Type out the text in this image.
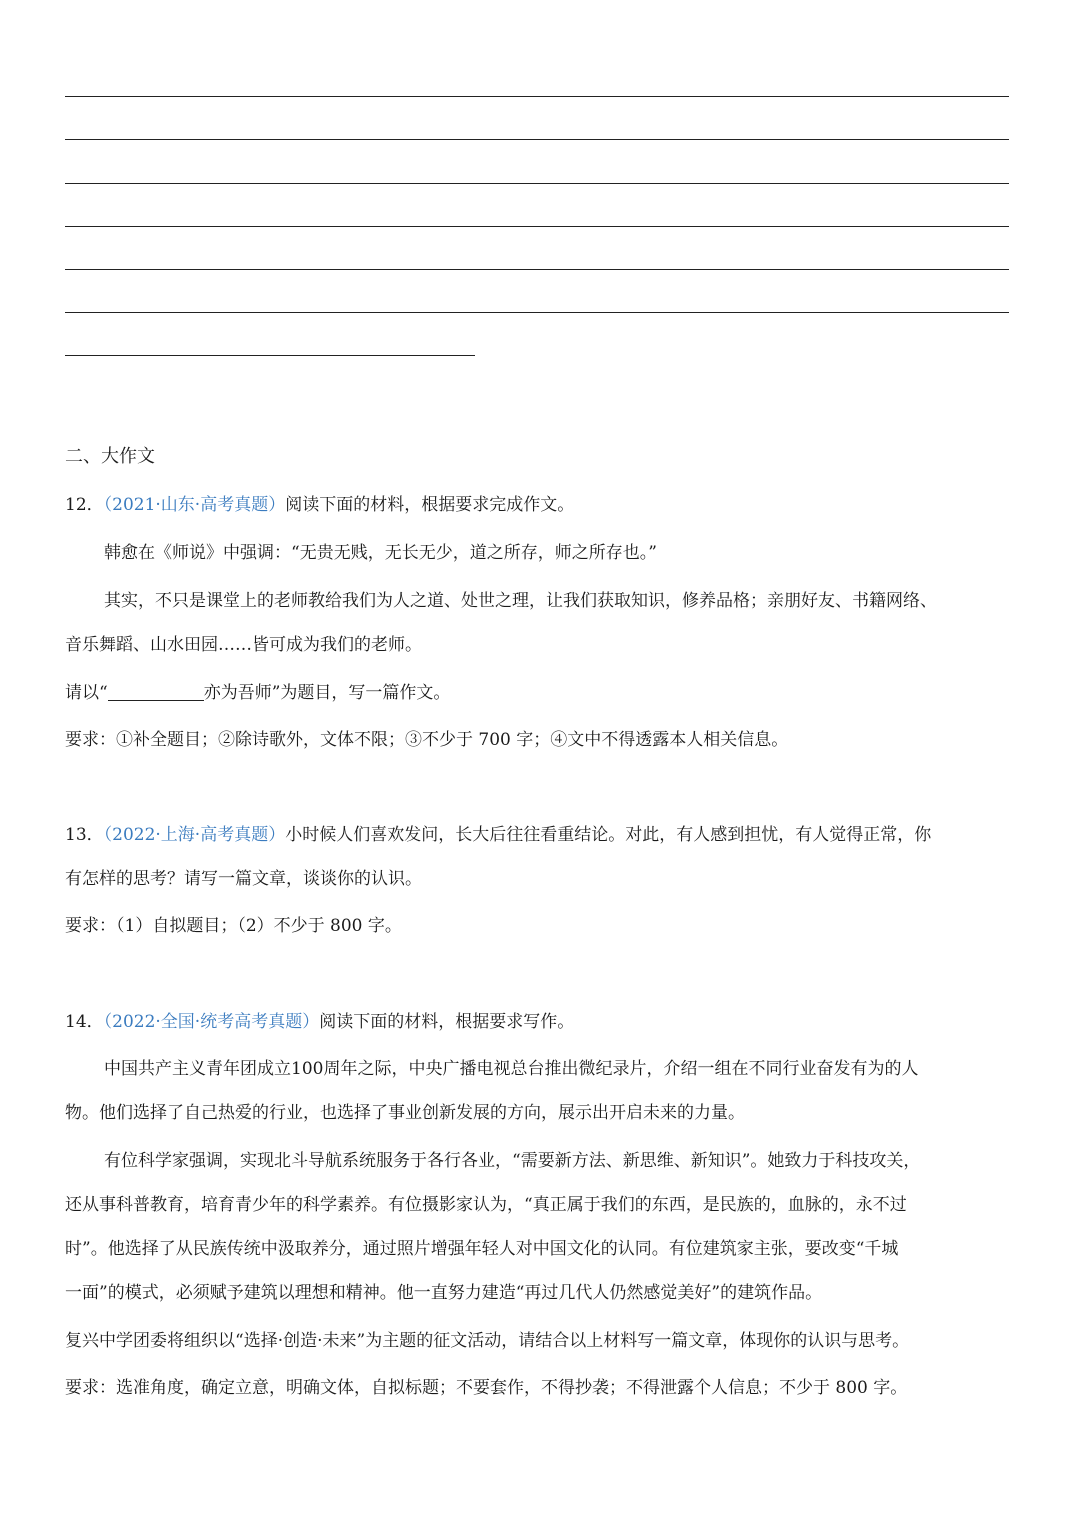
二、大作文
12．（2021·山东·高考真题）阅读下面的材料，根据要求完成作文。
韩愈在《师说》中强调：“无贵无贱，无长无少，道之所存，师之所存也。”
其实，不只是课堂上的老师教给我们为人之道、处世之理，让我们获取知识，修养品格；亲朋好友、书籍网络、
音乐舞蹈、山水田园……皆可成为我们的老师。
请以“	亦为吾师”为题目，写一篇作文。
要求：①补全题目；②除诗歌外，文体不限；③不少于 700 字；④文中不得透露本人相关信息。
13．（2022·上海·高考真题）小时候人们喜欢发问，长大后往往看重结论。对此，有人感到担忧，有人觉得正常，你
有怎样的思考？请写一篇文章，谈谈你的认识。
要求：（1）自拟题目；（2）不少于 800 字。
14．（2022·全国·统考高考真题）阅读下面的材料，根据要求写作。
中国共产主义青年团成立100周年之际，中央广播电视总台推出微纪录片，介绍一组在不同行业奋发有为的人
物。他们选择了自己热爱的行业，也选择了事业创新发展的方向，展示出开启未来的力量。
有位科学家强调，实现北斗导航系统服务于各行各业，“需要新方法、新思维、新知识”。她致力于科技攻关，
还从事科普教育，培育青少年的科学素养。有位摄影家认为，“真正属于我们的东西，是民族的，血脉的，永不过
时”。他选择了从民族传统中汲取养分，通过照片增强年轻人对中国文化的认同。有位建筑家主张，要改变“千城
一面”的模式，必须赋予建筑以理想和精神。他一直努力建造“再过几代人仍然感觉美好”的建筑作品。
复兴中学团委将组织以“选择·创造·未来”为主题的征文活动，请结合以上材料写一篇文章，体现你的认识与思考。
要求：选准角度，确定立意，明确文体，自拟标题；不要套作，不得抄袭；不得泄露个人信息；不少于 800 字。
